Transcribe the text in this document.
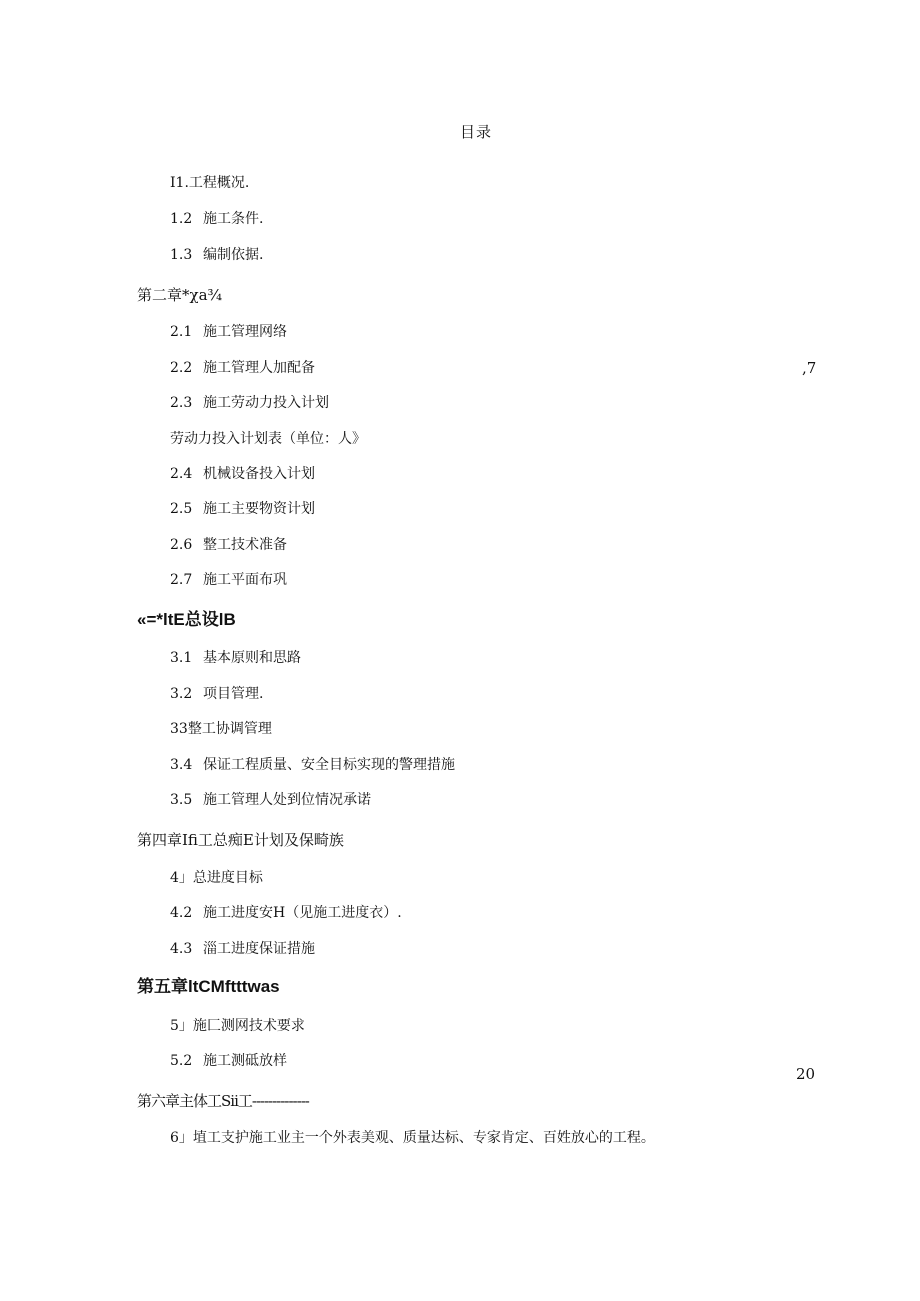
目录
I1.工程概况.
1.2 施工条件.
1.3 编制依据.
第二章*χa¾
2.1 施工管理网络
2.2 施工管理人加配备	,7
2.3 施工劳动力投入计划
劳动力投入计划表（单位：人》
2.4 机械设备投入计划
2.5 施工主要物资计划
2.6 整工技术准备
2.7 施工平面布巩
«=*ltE总设lB
3.1 基本原则和思路
3.2 项目管理.
33整工协调管理
3.4 保证工程质量、安全目标实现的警理措施
3.5 施工管理人处到位情况承诺
第四章Ifi工总痴E计划及保畸族
4」总进度目标
4.2 施工进度安H（见施工进度衣）.
4.3 淄工进度保证措施
第五章ltCMftttwas
5」施匚测网技术要求
5.2 施工测砥放样
20
第六章主体工Sii工--------------
6」埴工支护施工业主一个外表美观、质量达标、专家肯定、百姓放心的工程。
